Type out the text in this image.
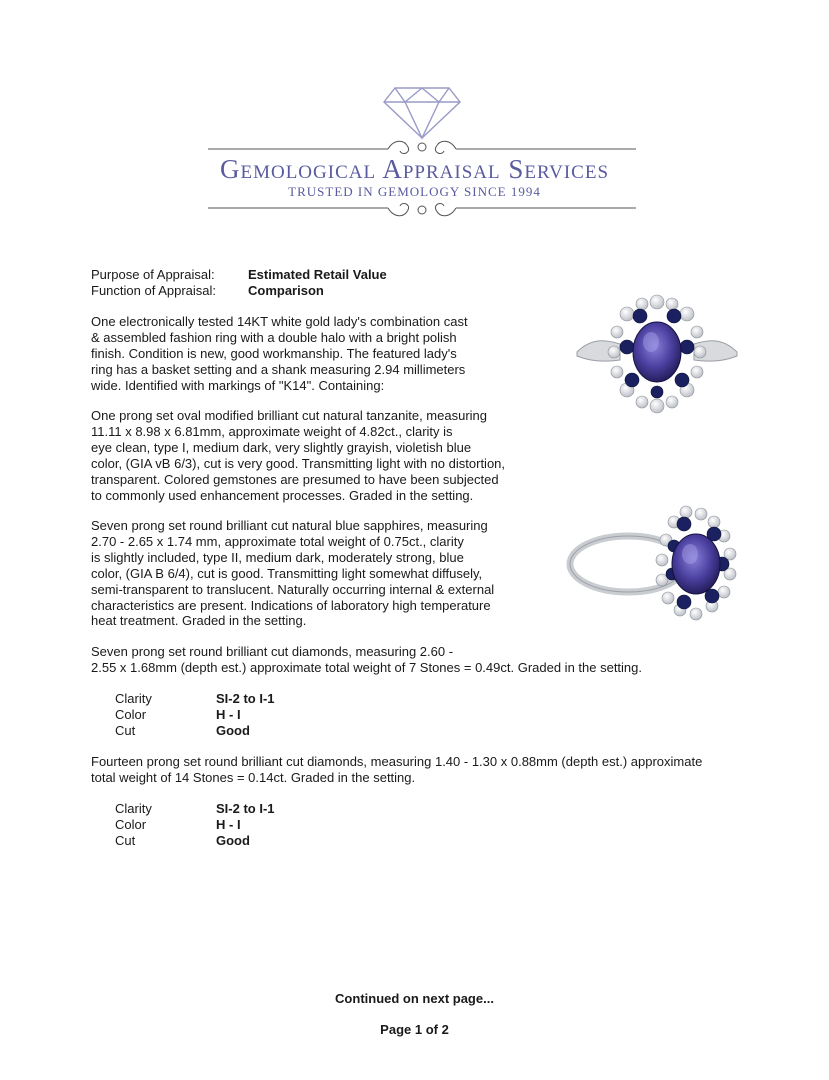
Gemological Appraisal Services
TRUSTED IN GEMOLOGY SINCE 1994
Purpose of Appraisal:	Estimated Retail Value
Function of Appraisal: Comparison
One electronically tested 14KT white gold lady's combination cast
& assembled fashion ring with a double halo with a bright polish
finish. Condition is new, good workmanship. The featured lady's
ring has a basket setting and a shank measuring 2.94 millimeters
wide. Identified with markings of "K14". Containing:
One prong set oval modified brilliant cut natural tanzanite, measuring
11.11 x 8.98 x 6.81mm, approximate weight of 4.82ct., clarity is
eye clean, type I, medium dark, very slightly grayish, violetish blue
color, (GIA vB 6/3), cut is very good. Transmitting light with no distortion,
transparent. Colored gemstones are presumed to have been subjected
to commonly used enhancement processes. Graded in the setting.
Seven prong set round brilliant cut natural blue sapphires, measuring
2.70 - 2.65 x 1.74 mm, approximate total weight of 0.75ct., clarity
is slightly included, type II, medium dark, moderately strong, blue
color, (GIA B 6/4), cut is good. Transmitting light somewhat diffusely,
semi-transparent to translucent. Naturally occurring internal & external
characteristics are present. Indications of laboratory high temperature
heat treatment. Graded in the setting.
Seven prong set round brilliant cut diamonds, measuring 2.60 -
2.55 x 1.68mm (depth est.) approximate total weight of 7 Stones = 0.49ct. Graded in the setting.
Clarity	SI-2 to I-1
Color	H - I
Cut	Good
Fourteen prong set round brilliant cut diamonds, measuring 1.40 - 1.30 x 0.88mm (depth est.) approximate
total weight of 14 Stones = 0.14ct. Graded in the setting.
Clarity	SI-2 to I-1
Color	H - I
Cut	Good
Continued on next page...
Page 1 of 2
